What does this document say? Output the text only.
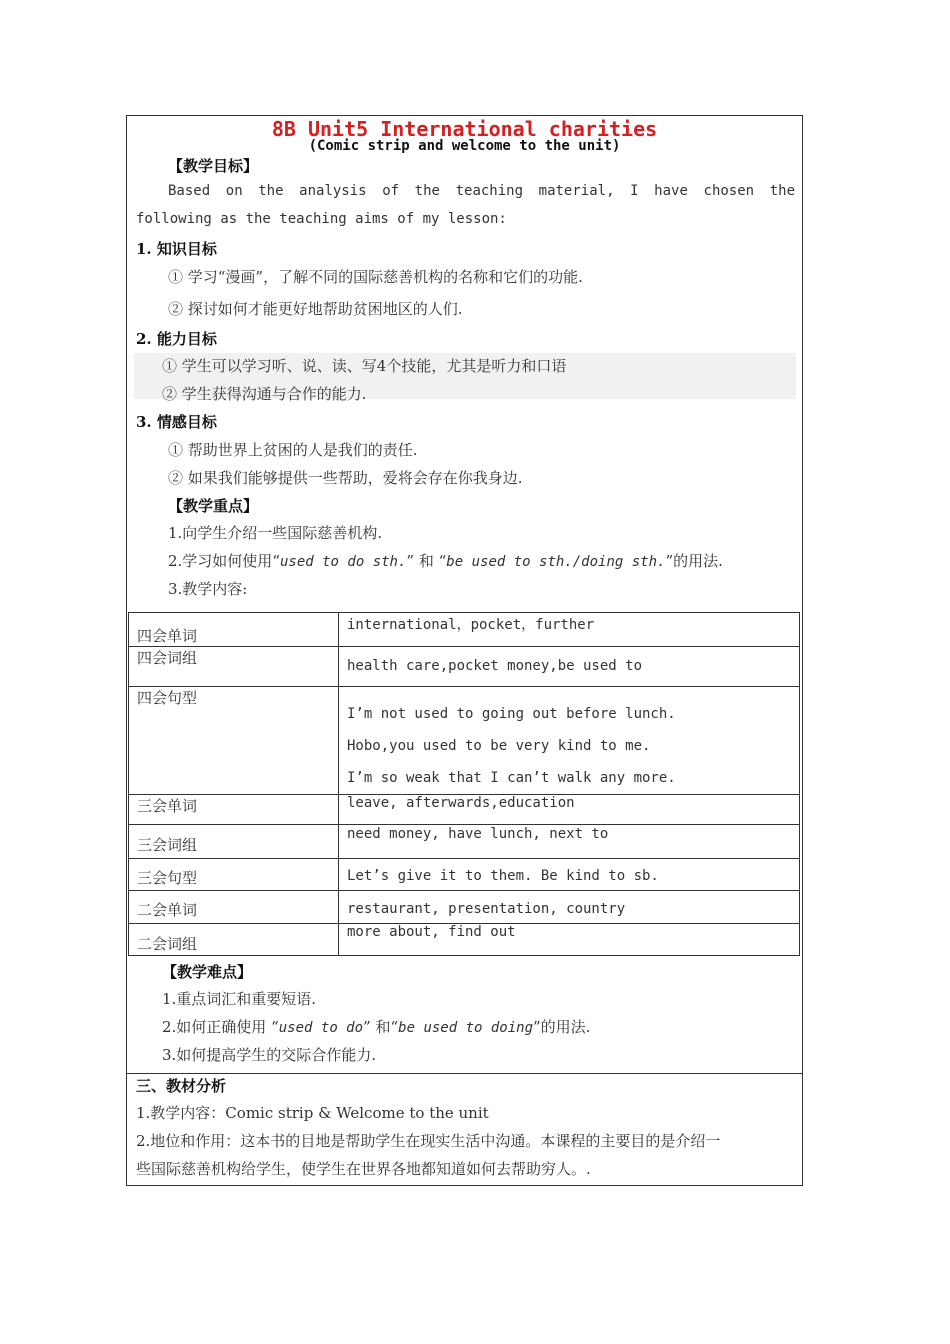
8B Unit5 International charities
(Comic strip and welcome to the unit)
【教学目标】
Based on the analysis of the teaching material, I have chosen the
following as the teaching aims of my lesson:
1. 知识目标
① 学习“漫画”，了解不同的国际慈善机构的名称和它们的功能.
② 探讨如何才能更好地帮助贫困地区的人们.
2. 能力目标
① 学生可以学习听、说、读、写4个技能，尤其是听力和口语
② 学生获得沟通与合作的能力.
3. 情感目标
① 帮助世界上贫困的人是我们的责任.
② 如果我们能够提供一些帮助，爱将会存在你我身边.
【教学重点】
1.向学生介绍一些国际慈善机构.
2.学习如何使用“used to do sth.” 和 “be used to sth./doing sth.”的用法.
3.教学内容:
四会单词	international，pocket，further

四会词组	health care,pocket money,be used to

四会句型	I’m not used to going out before lunch.
Hobo,you used to be very kind to me.
I’m so weak that I can’t walk any more.

三会单词	leave, afterwards,education

三会词组	need money, have lunch, next to

三会句型	Let’s give it to them. Be kind to sb.

二会单词	restaurant, presentation, country

二会词组	more about, find out
【教学难点】
1.重点词汇和重要短语.
2.如何正确使用 “used to do” 和“be used to doing”的用法.
3.如何提高学生的交际合作能力.
三、教材分析
1.教学内容：Comic strip & Welcome to the unit
2.地位和作用：这本书的目地是帮助学生在现实生活中沟通。本课程的主要目的是介绍一
些国际慈善机构给学生，使学生在世界各地都知道如何去帮助穷人。.
